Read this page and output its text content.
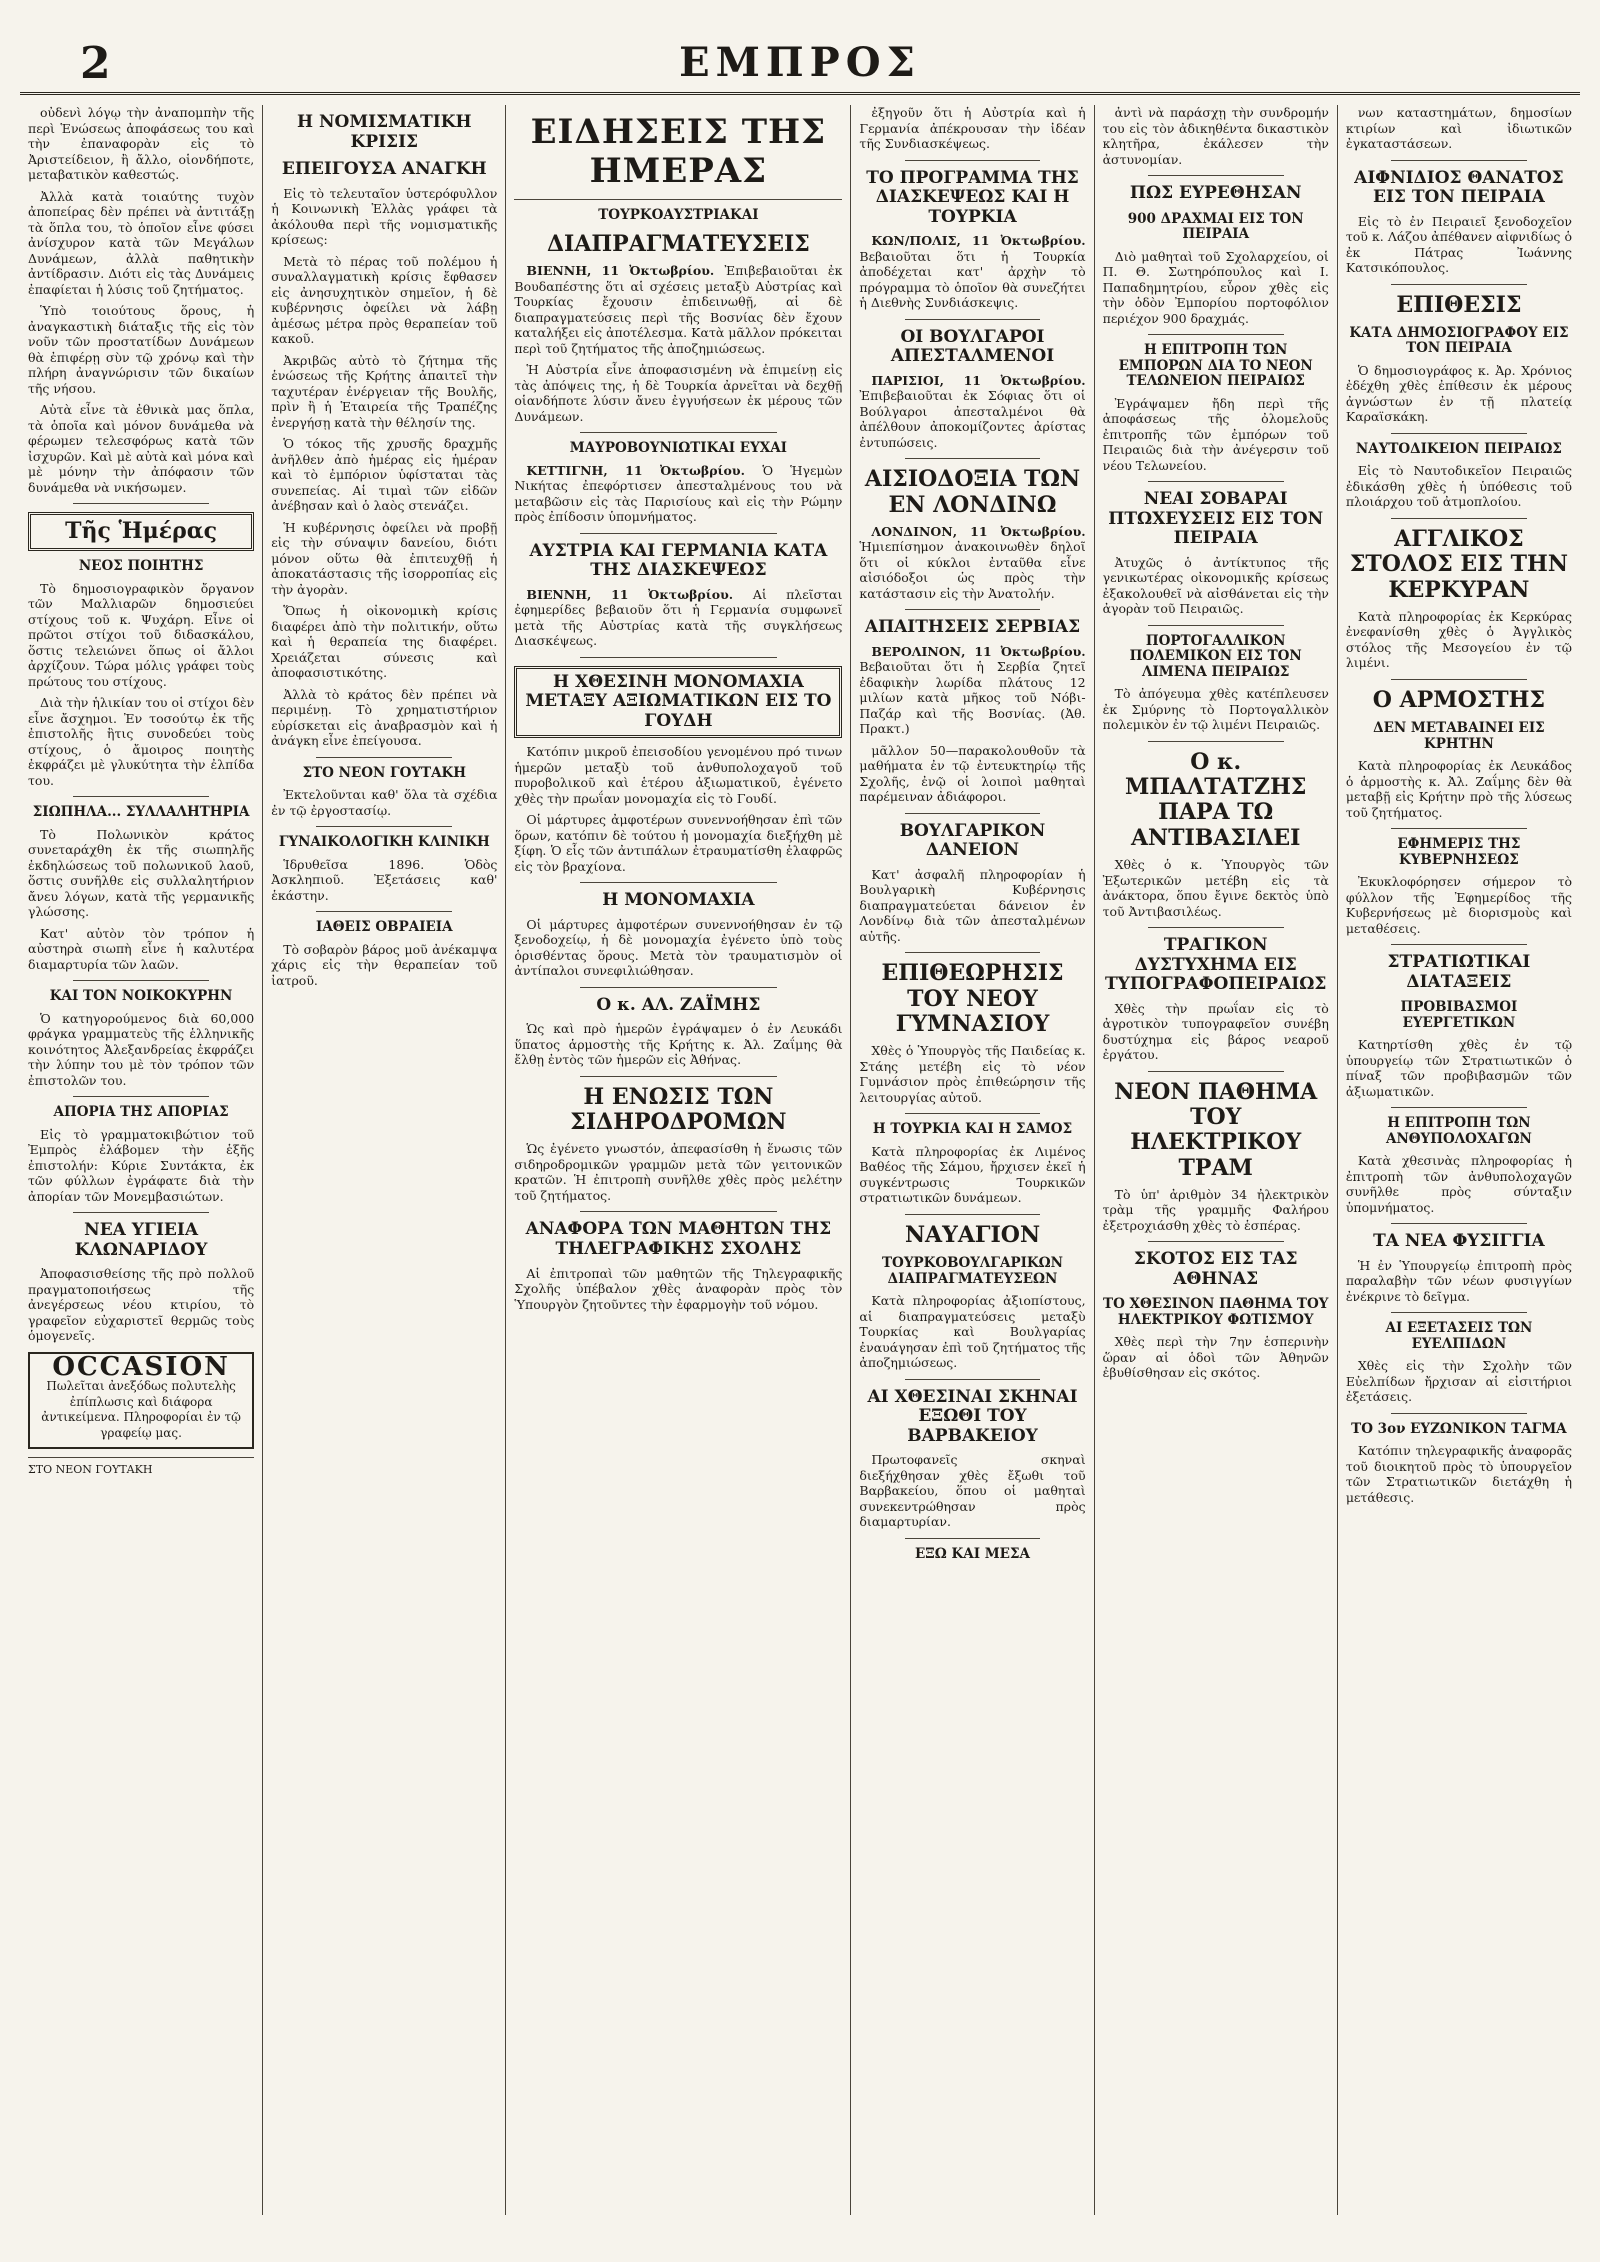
2	ΕΜΠΡΟΣ

οὐδενὶ λόγῳ τὴν ἀναπομπὴν τῆς περὶ Ἑνώσεως ἀποφάσεως του καὶ τὴν ἐπαναφορὰν εἰς τὸ Ἀριστείδειον, ἢ ἄλλο, οἱονδήποτε, μεταβατικὸν καθεστώς.

Ἀλλὰ κατὰ τοιαύτης τυχὸν ἀποπείρας δὲν πρέπει νὰ ἀντιτάξῃ τὰ ὅπλα του, τὸ ὁποῖον εἶνε φύσει ἀνίσχυρον κατὰ τῶν Μεγάλων Δυνάμεων, ἀλλὰ παθητικὴν ἀντίδρασιν. Διότι εἰς τὰς Δυνάμεις ἐπαφίεται ἡ λύσις τοῦ ζητήματος.

Ὑπὸ τοιούτους ὅρους, ἡ ἀναγκαστικὴ διάταξις τῆς εἰς τὸν νοῦν τῶν προστατίδων Δυνάμεων θὰ ἐπιφέρῃ σὺν τῷ χρόνῳ καὶ τὴν πλήρη ἀναγνώρισιν τῶν δικαίων τῆς νήσου.

Αὐτὰ εἶνε τὰ ἐθνικὰ μας ὅπλα, τὰ ὁποῖα καὶ μόνον δυνάμεθα νὰ φέρωμεν τελεσφόρως κατὰ τῶν ἰσχυρῶν. Καὶ μὲ αὐτὰ καὶ μόνα καὶ μὲ μόνην τὴν ἀπόφασιν τῶν δυνάμεθα νὰ νικήσωμεν.

Τῆς Ἡμέρας
ΝΕΟΣ ΠΟΙΗΤΗΣ

Τὸ δημοσιογραφικὸν ὄργανον τῶν Μαλλιαρῶν δημοσιεύει στίχους τοῦ κ. Ψυχάρη. Εἶνε οἱ πρῶτοι στίχοι τοῦ διδασκάλου, ὅστις τελειώνει ὅπως οἱ ἄλλοι ἀρχίζουν. Τώρα μόλις γράφει τοὺς πρώτους του στίχους.

Διὰ τὴν ἡλικίαν του οἱ στίχοι δὲν εἶνε ἄσχημοι. Ἐν τοσούτῳ ἐκ τῆς ἐπιστολῆς ἣτις συνοδεύει τοὺς στίχους, ὁ ἄμοιρος ποιητὴς ἐκφράζει μὲ γλυκύτητα τὴν ἐλπίδα του.

ΣΙΩΠΗΛΑ... ΣΥΛΛΑΛΗΤΗΡΙΑ

Τὸ Πολωνικὸν κράτος συνεταράχθη ἐκ τῆς σιωπηλῆς ἐκδηλώσεως τοῦ πολωνικοῦ λαοῦ, ὅστις συνῆλθε εἰς συλλαλητήριον ἄνευ λόγων, κατὰ τῆς γερμανικῆς γλώσσης.

Κατ' αὐτὸν τὸν τρόπον ἡ αὐστηρὰ σιωπὴ εἶνε ἡ καλυτέρα διαμαρτυρία τῶν λαῶν.

ΚΑΙ ΤΟΝ ΝΟΙΚΟΚΥΡΗΝ

Ὁ κατηγορούμενος διὰ 60,000 φράγκα γραμματεὺς τῆς ἑλληνικῆς κοινότητος Ἀλεξανδρείας ἐκφράζει τὴν λύπην του μὲ τὸν τρόπον τῶν ἐπιστολῶν του.

ΑΠΟΡΙΑ ΤΗΣ ΑΠΟΡΙΑΣ

Εἰς τὸ γραμματοκιβώτιον τοῦ Ἐμπρὸς ἐλάβομεν τὴν ἑξῆς ἐπιστολήν: Κύριε Συντάκτα, ἐκ τῶν φύλλων ἐγράφατε διὰ τὴν ἀπορίαν τῶν Μονεμβασιώτων.

ΝΕΑ ΥΓΙΕΙΑ ΚΛΩΝΑΡΙΔΟΥ

Ἀποφασισθείσης τῆς πρὸ πολλοῦ πραγματοποιήσεως τῆς ἀνεγέρσεως νέου κτιρίου, τὸ γραφεῖον εὐχαριστεῖ θερμῶς τοὺς ὁμογενεῖς.

OCCASION
Πωλεῖται ἀνεξόδως πολυτελὴς ἐπίπλωσις καὶ διάφορα ἀντικείμενα. Πληροφορίαι ἐν τῷ γραφείῳ μας.
ΣΤΟ ΝΕΟΝ ΓΟΥΤΑΚΗ
Η ΝΟΜΙΣΜΑΤΙΚΗ ΚΡΙΣΙΣ
ΕΠΕΙΓΟΥΣΑ ΑΝΑΓΚΗ

Εἰς τὸ τελευταῖον ὑστερόφυλλον ἡ Κοινωνικὴ Ἑλλὰς γράφει τὰ ἀκόλουθα περὶ τῆς νομισματικῆς κρίσεως:

Μετὰ τὸ πέρας τοῦ πολέμου ἡ συναλλαγματικὴ κρίσις ἔφθασεν εἰς ἀνησυχητικὸν σημεῖον, ἡ δὲ κυβέρνησις ὀφείλει νὰ λάβῃ ἀμέσως μέτρα πρὸς θεραπείαν τοῦ κακοῦ.

Ἀκριβῶς αὐτὸ τὸ ζήτημα τῆς ἑνώσεως τῆς Κρήτης ἀπαιτεῖ τὴν ταχυτέραν ἐνέργειαν τῆς Βουλῆς, πρὶν ἢ ἡ Ἑταιρεία τῆς Τραπέζης ἐνεργήσῃ κατὰ τὴν θέλησίν της.

Ὁ τόκος τῆς χρυσῆς δραχμῆς ἀνῆλθεν ἀπὸ ἡμέρας εἰς ἡμέραν καὶ τὸ ἐμπόριον ὑφίσταται τὰς συνεπείας. Αἱ τιμαὶ τῶν εἰδῶν ἀνέβησαν καὶ ὁ λαὸς στενάζει.

Ἡ κυβέρνησις ὀφείλει νὰ προβῇ εἰς τὴν σύναψιν δανείου, διότι μόνον οὕτω θὰ ἐπιτευχθῇ ἡ ἀποκατάστασις τῆς ἰσορροπίας εἰς τὴν ἀγορὰν.

Ὅπως ἡ οἰκονομικὴ κρίσις διαφέρει ἀπὸ τὴν πολιτικήν, οὕτω καὶ ἡ θεραπεία της διαφέρει. Χρειάζεται σύνεσις καὶ ἀποφασιστικότης.

Ἀλλὰ τὸ κράτος δὲν πρέπει νὰ περιμένῃ. Τὸ χρηματιστήριον εὑρίσκεται εἰς ἀναβρασμὸν καὶ ἡ ἀνάγκη εἶνε ἐπείγουσα.

ΣΤΟ ΝΕΟΝ ΓΟΥΤΑΚΗ

Ἐκτελοῦνται καθ' ὅλα τὰ σχέδια ἐν τῷ ἐργοστασίῳ.

ΓΥΝΑΙΚΟΛΟΓΙΚΗ ΚΛΙΝΙΚΗ

Ἱδρυθεῖσα 1896. Ὁδὸς Ἀσκληπιοῦ. Ἐξετάσεις καθ' ἑκάστην.

ΙΑΘΕΙΣ ΟΒΡΑΙΕΙΑ

Τὸ σοβαρὸν βάρος μοῦ ἀνέκαμψα χάρις εἰς τὴν θεραπείαν τοῦ ἰατροῦ.

ΕΙΔΗΣΕΙΣ ΤΗΣ ΗΜΕΡΑΣ
ΤΟΥΡΚΟΑΥΣΤΡΙΑΚΑΙ
ΔΙΑΠΡΑΓΜΑΤΕΥΣΕΙΣ

ΒΙΕΝΝΗ, 11 Ὀκτωβρίου. Ἐπιβεβαιοῦται ἐκ Βουδαπέστης ὅτι αἱ σχέσεις μεταξὺ Αὐστρίας καὶ Τουρκίας ἔχουσιν ἐπιδεινωθῇ, αἱ δὲ διαπραγματεύσεις περὶ τῆς Βοσνίας δὲν ἔχουν καταλήξει εἰς ἀποτέλεσμα. Κατὰ μᾶλλον πρόκειται περὶ τοῦ ζητήματος τῆς ἀποζημιώσεως.

Ἡ Αὐστρία εἶνε ἀποφασισμένη νὰ ἐπιμείνῃ εἰς τὰς ἀπόψεις της, ἡ δὲ Τουρκία ἀρνεῖται νὰ δεχθῇ οἱανδήποτε λύσιν ἄνευ ἐγγυήσεων ἐκ μέρους τῶν Δυνάμεων.

ΜΑΥΡΟΒΟΥΝΙΩΤΙΚΑΙ ΕΥΧΑΙ

ΚΕΤΤΙΓΝΗ, 11 Ὀκτωβρίου. Ὁ Ἡγεμὼν Νικήτας ἐπεφόρτισεν ἀπεσταλμένους του νὰ μεταβῶσιν εἰς τὰς Παρισίους καὶ εἰς τὴν Ρώμην πρὸς ἐπίδοσιν ὑπομνήματος.

ΑΥΣΤΡΙΑ ΚΑΙ ΓΕΡΜΑΝΙΑ ΚΑΤΑ ΤΗΣ ΔΙΑΣΚΕΨΕΩΣ

ΒΙΕΝΝΗ, 11 Ὀκτωβρίου. Αἱ πλεῖσται ἐφημερίδες βεβαιοῦν ὅτι ἡ Γερμανία συμφωνεῖ μετὰ τῆς Αὐστρίας κατὰ τῆς συγκλήσεως Διασκέψεως.

Η ΧΘΕΣΙΝΗ ΜΟΝΟΜΑΧΙΑ ΜΕΤΑΞΥ ΑΞΙΩΜΑΤΙΚΩΝ ΕΙΣ ΤΟ ΓΟΥΔΗ

Κατόπιν μικροῦ ἐπεισοδίου γενομένου πρό τινων ἡμερῶν μεταξὺ τοῦ ἀνθυπολοχαγοῦ τοῦ πυροβολικοῦ καὶ ἑτέρου ἀξιωματικοῦ, ἐγένετο χθὲς τὴν πρωΐαν μονομαχία εἰς τὸ Γουδί.

Οἱ μάρτυρες ἀμφοτέρων συνεννοήθησαν ἐπὶ τῶν ὅρων, κατόπιν δὲ τούτου ἡ μονομαχία διεξήχθη μὲ ξίφη. Ὁ εἷς τῶν ἀντιπάλων ἐτραυματίσθη ἐλαφρῶς εἰς τὸν βραχίονα.

Η ΜΟΝΟΜΑΧΙΑ

Οἱ μάρτυρες ἀμφοτέρων συνεννοήθησαν ἐν τῷ ξενοδοχείῳ, ἡ δὲ μονομαχία ἐγένετο ὑπὸ τοὺς ὁρισθέντας ὅρους. Μετὰ τὸν τραυματισμὸν οἱ ἀντίπαλοι συνεφιλιώθησαν.

Ο κ. ΑΛ. ΖΑΪΜΗΣ

Ὡς καὶ πρὸ ἡμερῶν ἐγράψαμεν ὁ ἐν Λευκάδι ὕπατος ἁρμοστὴς τῆς Κρήτης κ. Ἀλ. Ζαΐμης θὰ ἔλθῃ ἐντὸς τῶν ἡμερῶν εἰς Ἀθήνας.

Η ΕΝΩΣΙΣ ΤΩΝ ΣΙΔΗΡΟΔΡΟΜΩΝ

Ὡς ἐγένετο γνωστόν, ἀπεφασίσθη ἡ ἕνωσις τῶν σιδηροδρομικῶν γραμμῶν μετὰ τῶν γειτονικῶν κρατῶν. Ἡ ἐπιτροπὴ συνῆλθε χθὲς πρὸς μελέτην τοῦ ζητήματος.

ΑΝΑΦΟΡΑ ΤΩΝ ΜΑΘΗΤΩΝ ΤΗΣ ΤΗΛΕΓΡΑΦΙΚΗΣ ΣΧΟΛΗΣ

Αἱ ἐπιτροπαὶ τῶν μαθητῶν τῆς Τηλεγραφικῆς Σχολῆς ὑπέβαλον χθὲς ἀναφορὰν πρὸς τὸν Ὑπουργὸν ζητοῦντες τὴν ἐφαρμογὴν τοῦ νόμου.

ἐξηγοῦν ὅτι ἡ Αὐστρία καὶ ἡ Γερμανία ἀπέκρουσαν τὴν ἰδέαν τῆς Συνδιασκέψεως.

ΤΟ ΠΡΟΓΡΑΜΜΑ ΤΗΣ ΔΙΑΣΚΕΨΕΩΣ ΚΑΙ Η ΤΟΥΡΚΙΑ

ΚΩΝ/ΠΟΛΙΣ, 11 Ὀκτωβρίου. Βεβαιοῦται ὅτι ἡ Τουρκία ἀποδέχεται κατ' ἀρχὴν τὸ πρόγραμμα τὸ ὁποῖον θὰ συνεζήτει ἡ Διεθνὴς Συνδιάσκεψις.

ΟΙ ΒΟΥΛΓΑΡΟΙ ΑΠΕΣΤΑΛΜΕΝΟΙ

ΠΑΡΙΣΙΟΙ, 11 Ὀκτωβρίου. Ἐπιβεβαιοῦται ἐκ Σόφιας ὅτι οἱ Βούλγαροι ἀπεσταλμένοι θὰ ἀπέλθουν ἀποκομίζοντες ἀρίστας ἐντυπώσεις.

ΑΙΣΙΟΔΟΞΙΑ ΤΩΝ ΕΝ ΛΟΝΔΙΝΩ

ΛΟΝΔΙΝΟΝ, 11 Ὀκτωβρίου. Ἡμιεπίσημον ἀνακοινωθὲν δηλοῖ ὅτι οἱ κύκλοι ἐνταῦθα εἶνε αἰσιόδοξοι ὡς πρὸς τὴν κατάστασιν εἰς τὴν Ἀνατολήν.

ΑΠΑΙΤΗΣΕΙΣ ΣΕΡΒΙΑΣ

ΒΕΡΟΛΙΝΟΝ, 11 Ὀκτωβρίου. Βεβαιοῦται ὅτι ἡ Σερβία ζητεῖ ἐδαφικὴν λωρίδα πλάτους 12 μιλίων κατὰ μῆκος τοῦ Νόβι-Παζάρ καὶ τῆς Βοσνίας. (Ἀθ. Πρακτ.)

μᾶλλον 50—παρακολουθοῦν τὰ μαθήματα ἐν τῷ ἐντευκτηρίῳ τῆς Σχολῆς, ἐνῷ οἱ λοιποὶ μαθηταὶ παρέμειναν ἀδιάφοροι.

ΒΟΥΛΓΑΡΙΚΟΝ ΔΑΝΕΙΟΝ

Κατ' ἀσφαλῆ πληροφορίαν ἡ Βουλγαρικὴ Κυβέρνησις διαπραγματεύεται δάνειον ἐν Λονδίνῳ διὰ τῶν ἀπεσταλμένων αὐτῆς.

ΕΠΙΘΕΩΡΗΣΙΣ ΤΟΥ ΝΕΟΥ ΓΥΜΝΑΣΙΟΥ

Χθὲς ὁ Ὑπουργὸς τῆς Παιδείας κ. Στάης μετέβη εἰς τὸ νέον Γυμνάσιον πρὸς ἐπιθεώρησιν τῆς λειτουργίας αὐτοῦ.

Η ΤΟΥΡΚΙΑ ΚΑΙ Η ΣΑΜΟΣ

Κατὰ πληροφορίας ἐκ Λιμένος Βαθέος τῆς Σάμου, ἤρχισεν ἐκεῖ ἡ συγκέντρωσις Τουρκικῶν στρατιωτικῶν δυνάμεων.

ΝΑΥΑΓΙΟΝ
ΤΟΥΡΚΟΒΟΥΛΓΑΡΙΚΩΝ ΔΙΑΠΡΑΓΜΑΤΕΥΣΕΩΝ

Κατὰ πληροφορίας ἀξιοπίστους, αἱ διαπραγματεύσεις μεταξὺ Τουρκίας καὶ Βουλγαρίας ἐναυάγησαν ἐπὶ τοῦ ζητήματος τῆς ἀποζημιώσεως.

ΑΙ ΧΘΕΣΙΝΑΙ ΣΚΗΝΑΙ ΕΞΩΘΙ ΤΟΥ ΒΑΡΒΑΚΕΙΟΥ

Πρωτοφανεῖς σκηναὶ διεξήχθησαν χθὲς ἔξωθι τοῦ Βαρβακείου, ὅπου οἱ μαθηταὶ συνεκεντρώθησαν πρὸς διαμαρτυρίαν.

ΕΞΩ ΚΑΙ ΜΕΣΑ

ἀντὶ νὰ παράσχῃ τὴν συνδρομήν του εἰς τὸν ἀδικηθέντα δικαστικὸν κλητῆρα, ἐκάλεσεν τὴν ἀστυνομίαν.

ΠΩΣ ΕΥΡΕΘΗΣΑΝ
900 ΔΡΑΧΜΑΙ ΕΙΣ ΤΟΝ ΠΕΙΡΑΙΑ

Διὸ μαθηταὶ τοῦ Σχολαρχείου, οἱ Π. Θ. Σωτηρόπουλος καὶ Ι. Παπαδημητρίου, εὗρον χθὲς εἰς τὴν ὁδὸν Ἐμπορίου πορτοφόλιον περιέχον 900 δραχμάς.

Η ΕΠΙΤΡΟΠΗ ΤΩΝ ΕΜΠΟΡΩΝ ΔΙΑ ΤΟ ΝΕΟΝ ΤΕΛΩΝΕΙΟΝ ΠΕΙΡΑΙΩΣ

Ἐγράψαμεν ἤδη περὶ τῆς ἀποφάσεως τῆς ὀλομελοῦς ἐπιτροπῆς τῶν ἐμπόρων τοῦ Πειραιῶς διὰ τὴν ἀνέγερσιν τοῦ νέου Τελωνείου.

ΝΕΑΙ ΣΟΒΑΡΑΙ ΠΤΩΧΕΥΣΕΙΣ ΕΙΣ ΤΟΝ ΠΕΙΡΑΙΑ

Ἀτυχῶς ὁ ἀντίκτυπος τῆς γενικωτέρας οἰκονομικῆς κρίσεως ἐξακολουθεῖ νὰ αἰσθάνεται εἰς τὴν ἀγορὰν τοῦ Πειραιῶς.

ΠΟΡΤΟΓΑΛΛΙΚΟΝ ΠΟΛΕΜΙΚΟΝ ΕΙΣ ΤΟΝ ΛΙΜΕΝΑ ΠΕΙΡΑΙΩΣ

Τὸ ἀπόγευμα χθὲς κατέπλευσεν ἐκ Σμύρνης τὸ Πορτογαλλικὸν πολεμικὸν ἐν τῷ λιμένι Πειραιῶς.

Ο κ. ΜΠΑΛΤΑΤΖΗΣ ΠΑΡΑ ΤΩ ΑΝΤΙΒΑΣΙΛΕΙ

Χθὲς ὁ κ. Ὑπουργὸς τῶν Ἐξωτερικῶν μετέβη εἰς τὰ ἀνάκτορα, ὅπου ἔγινε δεκτὸς ὑπὸ τοῦ Ἀντιβασιλέως.

ΤΡΑΓΙΚΟΝ ΔΥΣΤΥΧΗΜΑ ΕΙΣ ΤΥΠΟΓΡΑΦΟΠΕΙΡΑΙΩΣ

Χθὲς τὴν πρωΐαν εἰς τὸ ἀγροτικὸν τυπογραφεῖον συνέβη δυστύχημα εἰς βάρος νεαροῦ ἐργάτου.

ΝΕΟΝ ΠΑΘΗΜΑ ΤΟΥ ΗΛΕΚΤΡΙΚΟΥ ΤΡΑΜ

Τὸ ὑπ' ἀριθμὸν 34 ἠλεκτρικὸν τρὰμ τῆς γραμμῆς Φαλήρου ἐξετροχιάσθη χθὲς τὸ ἑσπέρας.

ΣΚΟΤΟΣ ΕΙΣ ΤΑΣ ΑΘΗΝΑΣ
ΤΟ ΧΘΕΣΙΝΟΝ ΠΑΘΗΜΑ ΤΟΥ ΗΛΕΚΤΡΙΚΟΥ ΦΩΤΙΣΜΟΥ

Χθὲς περὶ τὴν 7ην ἑσπερινὴν ὥραν αἱ ὁδοὶ τῶν Ἀθηνῶν ἐβυθίσθησαν εἰς σκότος.

νων καταστημάτων, δημοσίων κτιρίων καὶ ἰδιωτικῶν ἐγκαταστάσεων.

ΑΙΦΝΙΔΙΟΣ ΘΑΝΑΤΟΣ ΕΙΣ ΤΟΝ ΠΕΙΡΑΙΑ

Εἰς τὸ ἐν Πειραιεῖ ξενοδοχεῖον τοῦ κ. Λάζου ἀπέθανεν αἰφνιδίως ὁ ἐκ Πάτρας Ἰωάννης Κατσικόπουλος.

ΕΠΙΘΕΣΙΣ
ΚΑΤΑ ΔΗΜΟΣΙΟΓΡΑΦΟΥ ΕΙΣ ΤΟΝ ΠΕΙΡΑΙΑ

Ὁ δημοσιογράφος κ. Ἀρ. Χρόνιος ἐδέχθη χθὲς ἐπίθεσιν ἐκ μέρους ἀγνώστων ἐν τῇ πλατείᾳ Καραϊσκάκη.

ΝΑΥΤΟΔΙΚΕΙΟΝ ΠΕΙΡΑΙΩΣ

Εἰς τὸ Ναυτοδικεῖον Πειραιῶς ἐδικάσθη χθὲς ἡ ὑπόθεσις τοῦ πλοιάρχου τοῦ ἀτμοπλοίου.

ΑΓΓΛΙΚΟΣ ΣΤΟΛΟΣ ΕΙΣ ΤΗΝ ΚΕΡΚΥΡΑΝ

Κατὰ πληροφορίας ἐκ Κερκύρας ἐνεφανίσθη χθὲς ὁ Ἀγγλικὸς στόλος τῆς Μεσογείου ἐν τῷ λιμένι.

Ο ΑΡΜΟΣΤΗΣ
ΔΕΝ ΜΕΤΑΒΑΙΝΕΙ ΕΙΣ ΚΡΗΤΗΝ

Κατὰ πληροφορίας ἐκ Λευκάδος ὁ ἁρμοστὴς κ. Ἀλ. Ζαΐμης δὲν θὰ μεταβῇ εἰς Κρήτην πρὸ τῆς λύσεως τοῦ ζητήματος.

ΕΦΗΜΕΡΙΣ ΤΗΣ ΚΥΒΕΡΝΗΣΕΩΣ

Ἐκυκλοφόρησεν σήμερον τὸ φύλλον τῆς Ἐφημερίδος τῆς Κυβερνήσεως μὲ διορισμοὺς καὶ μεταθέσεις.

ΣΤΡΑΤΙΩΤΙΚΑΙ ΔΙΑΤΑΞΕΙΣ
ΠΡΟΒΙΒΑΣΜΟΙ ΕΥΕΡΓΕΤΙΚΩΝ

Κατηρτίσθη χθὲς ἐν τῷ ὑπουργείῳ τῶν Στρατιωτικῶν ὁ πίναξ τῶν προβιβασμῶν τῶν ἀξιωματικῶν.

Η ΕΠΙΤΡΟΠΗ ΤΩΝ ΑΝΘΥΠΟΛΟΧΑΓΩΝ

Κατὰ χθεσινὰς πληροφορίας ἡ ἐπιτροπὴ τῶν ἀνθυπολοχαγῶν συνῆλθε πρὸς σύνταξιν ὑπομνήματος.

ΤΑ ΝΕΑ ΦΥΣΙΓΓΙΑ

Ἡ ἐν Ὑπουργείῳ ἐπιτροπὴ πρὸς παραλαβὴν τῶν νέων φυσιγγίων ἐνέκρινε τὸ δεῖγμα.

ΑΙ ΕΞΕΤΑΣΕΙΣ ΤΩΝ ΕΥΕΛΠΙΔΩΝ

Χθὲς εἰς τὴν Σχολὴν τῶν Εὐελπίδων ἤρχισαν αἱ εἰσιτήριοι ἐξετάσεις.

ΤΟ 3ον ΕΥΖΩΝΙΚΟΝ ΤΑΓΜΑ

Κατόπιν τηλεγραφικῆς ἀναφορᾶς τοῦ διοικητοῦ πρὸς τὸ ὑπουργεῖον τῶν Στρατιωτικῶν διετάχθη ἡ μετάθεσις.
